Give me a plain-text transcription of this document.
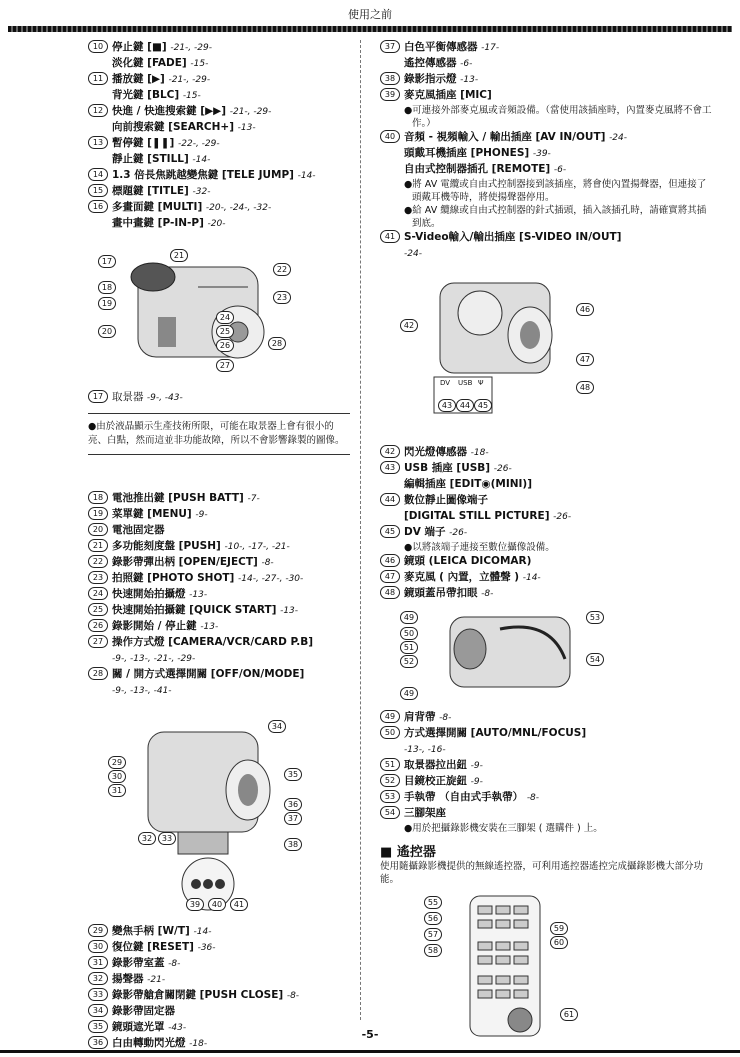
使用之前
10 停止鍵 [■] -21-, -29-
淡化鍵 [FADE] -15-
11 播放鍵 [▶] -21-, -29-
背光鍵 [BLC] -15-
12 快進 / 快進搜索鍵 [▶▶] -21-, -29-
向前搜索鍵 [SEARCH+] -13-
13 暫停鍵 [❚❚] -22-, -29-
靜止鍵 [STILL] -14-
14 1.3 倍長焦跳越變焦鍵 [TELE JUMP] -14-
15 標題鍵 [TITLE] -32-
16 多畫面鍵 [MULTI] -20-, -24-, -32-
畫中畫鍵 [P-IN-P] -20-
17
21
22
18
19
23
24
25
26	28
20
27
17 取景器 -9-, -43-
●由於液晶顯示生產技術所限，可能在取景器上會有很小的亮、白點，然而這並非功能故障，所以不會影響錄製的圖像。
18 電池推出鍵 [PUSH BATT] -7-
19 菜單鍵 [MENU] -9-
20 電池固定器
21 多功能刻度盤 [PUSH] -10-, -17-, -21-
22 錄影帶彈出柄 [OPEN/EJECT] -8-
23 拍照鍵 [PHOTO SHOT] -14-, -27-, -30-
24 快速開始拍攝燈 -13-
25 快速開始拍攝鍵 [QUICK START] -13-
26 錄影開始 / 停止鍵 -13-
27 操作方式燈 [CAMERA/VCR/CARD P.B]
-9-, -13-, -21-, -29-
28 關 / 開方式選擇開關 [OFF/ON/MODE]
-9-, -13-, -41-
34
29
30	35
31
36
37
32	33
38
39	40	41
29 變焦手柄 [W/T] -14-
30 復位鍵 [RESET] -36-
31 錄影帶室蓋 -8-
32 揚聲器 -21-
33 錄影帶艙倉關閉鍵 [PUSH CLOSE] -8-
34 錄影帶固定器
35 鏡頭遮光罩 -43-
36 白由轉動閃光燈 -18-
37 白色平衡傳感器 -17-
遙控傳感器 -6-
38 錄影指示燈 -13-
39 麥克風插座 [MIC]
●可連接外部麥克風或音頻設備。（當使用該插座時，內置麥克風將不會工作。）
40 音頻 - 視頻輸入 / 輸出插座 [AV IN/OUT] -24-
頭戴耳機插座 [PHONES] -39-
自由式控制器插孔 [REMOTE] -6-
●將 AV 電纜或自由式控制器接到該插座，將會使內置揚聲器，但連接了頭戴耳機等時，將使揚聲器停用。
●給 AV 纜線或自由式控制器的針式插頭，插入該插孔時，請確實將其插到底。
41 S-Video輸入/輸出插座 [S-VIDEO IN/OUT]
-24-
46
42
47
48
DV USB Ψ
43 44 45
42 閃光燈傳感器 -18-
43 USB 插座 [USB] -26-
編輯插座 [EDIT◉(MINI)]
44 數位靜止圖像端子
[DIGITAL STILL PICTURE] -26-
45 DV 端子 -26-
●以將該端子連接至數位攝像設備。
46 鏡頭 (LEICA DICOMAR)
47 麥克風 ( 內置，立體聲 ) -14-
48 鏡頭蓋吊帶扣眼 -8-
49	53
50
51
52	54
49
49 肩背帶 -8-
50 方式選擇開關 [AUTO/MNL/FOCUS]
-13-, -16-
51 取景器拉出鈕 -9-
52 目鏡校正旋鈕 -9-
53 手執帶 （自由式手執帶） -8-
54 三腳架座
●用於把攝錄影機安裝在三腳架 ( 選購件 ) 上。
■ 遙控器
使用隨攝錄影機提供的無線遙控器，可利用遙控器遙控完成攝錄影機大部分功能。
55
56
57
58
59
60
61
-5-
